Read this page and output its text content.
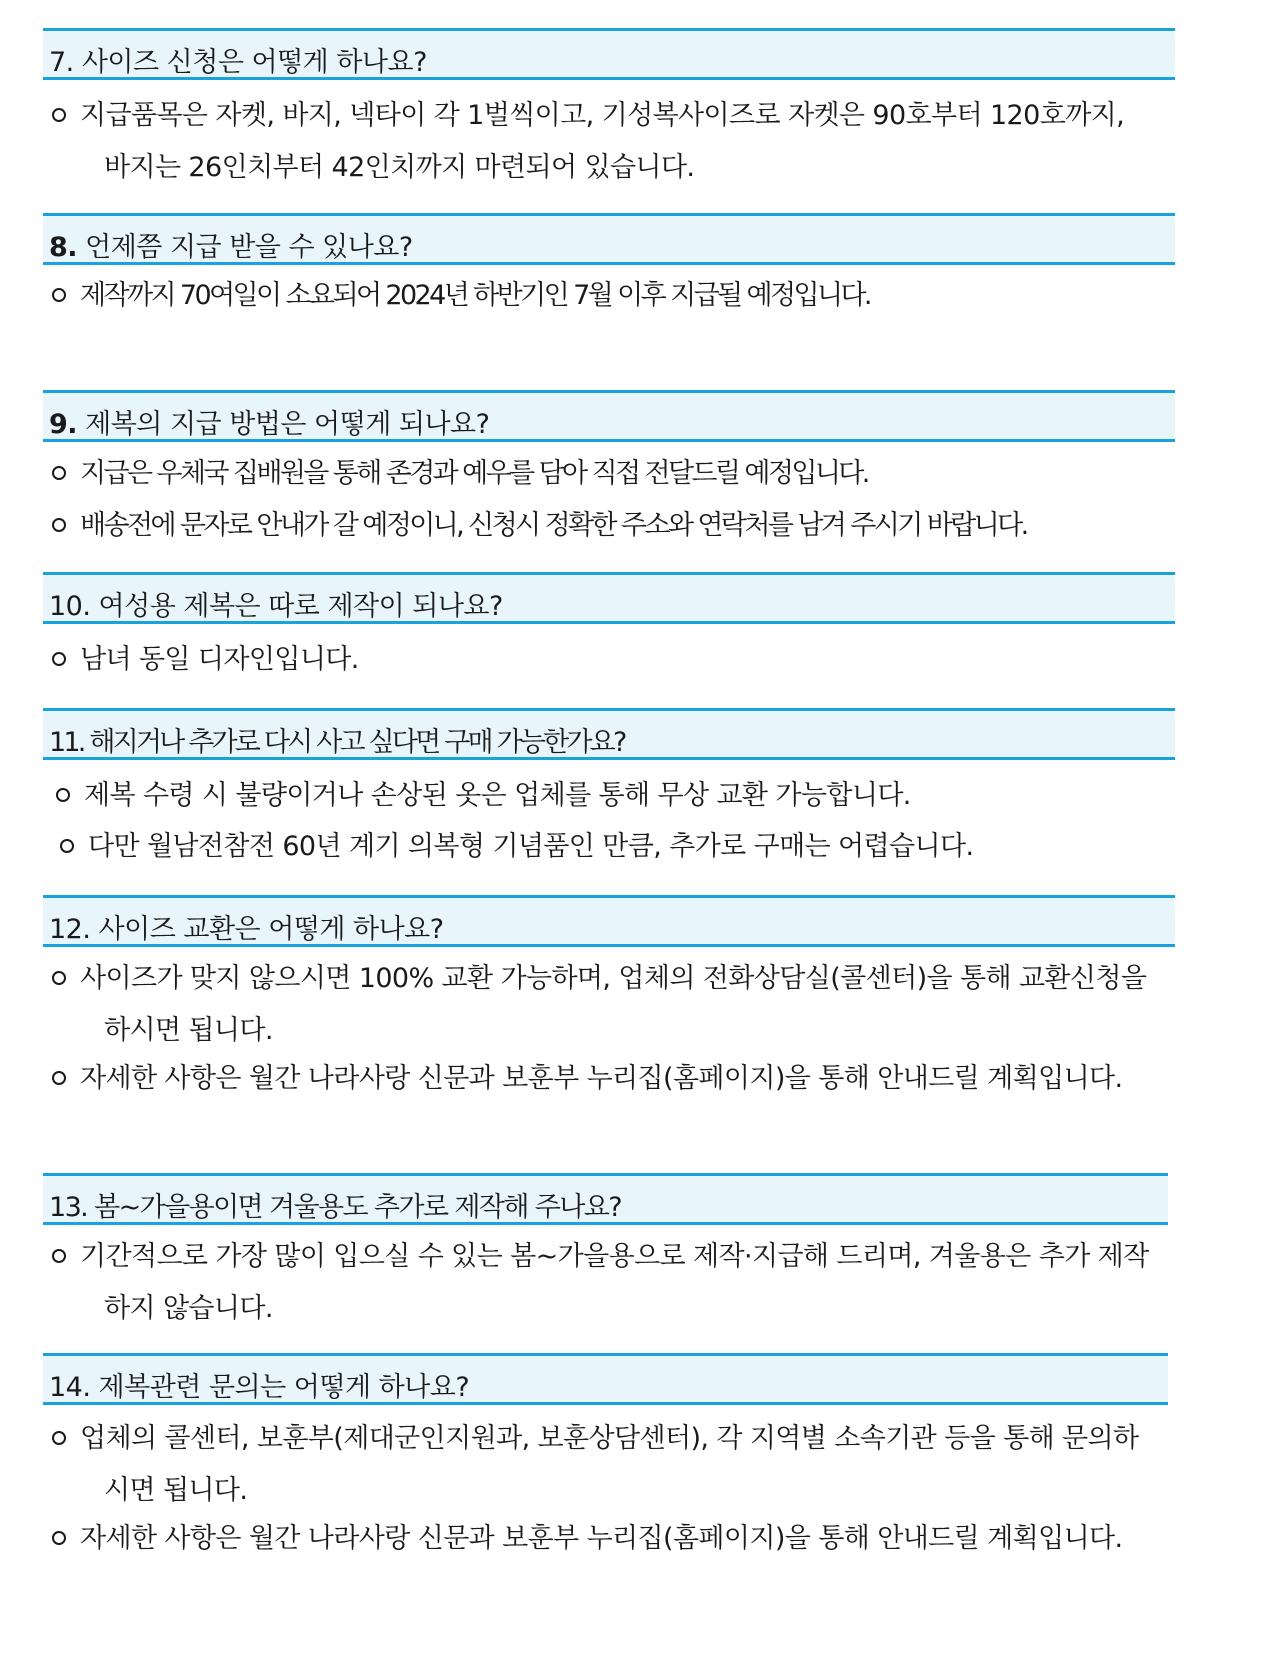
7. 사이즈 신청은 어떻게 하나요?
지급품목은 자켓, 바지, 넥타이 각 1벌씩이고, 기성복사이즈로 자켓은 90호부터 120호까지,
바지는 26인치부터 42인치까지 마련되어 있습니다.
8. 언제쯤 지급 받을 수 있나요?
제작까지 70여일이 소요되어 2024년 하반기인 7월 이후 지급될 예정입니다.
9. 제복의 지급 방법은 어떻게 되나요?
지급은 우체국 집배원을 통해 존경과 예우를 담아 직접 전달드릴 예정입니다.
배송전에 문자로 안내가 갈 예정이니, 신청시 정확한 주소와 연락처를 남겨 주시기 바랍니다.
10. 여성용 제복은 따로 제작이 되나요?
남녀 동일 디자인입니다.
11. 해지거나 추가로 다시 사고 싶다면 구매 가능한가요?
제복 수령 시 불량이거나 손상된 옷은 업체를 통해 무상 교환 가능합니다.
다만 월남전참전 60년 계기 의복형 기념품인 만큼, 추가로 구매는 어렵습니다.
12. 사이즈 교환은 어떻게 하나요?
사이즈가 맞지 않으시면 100% 교환 가능하며, 업체의 전화상담실(콜센터)을 통해 교환신청을
하시면 됩니다.
자세한 사항은 월간 나라사랑 신문과 보훈부 누리집(홈페이지)을 통해 안내드릴 계획입니다.
13. 봄~가을용이면 겨울용도 추가로 제작해 주나요?
기간적으로 가장 많이 입으실 수 있는 봄~가을용으로 제작·지급해 드리며, 겨울용은 추가 제작
하지 않습니다.
14. 제복관련 문의는 어떻게 하나요?
업체의 콜센터, 보훈부(제대군인지원과, 보훈상담센터), 각 지역별 소속기관 등을 통해 문의하
시면 됩니다.
자세한 사항은 월간 나라사랑 신문과 보훈부 누리집(홈페이지)을 통해 안내드릴 계획입니다.
